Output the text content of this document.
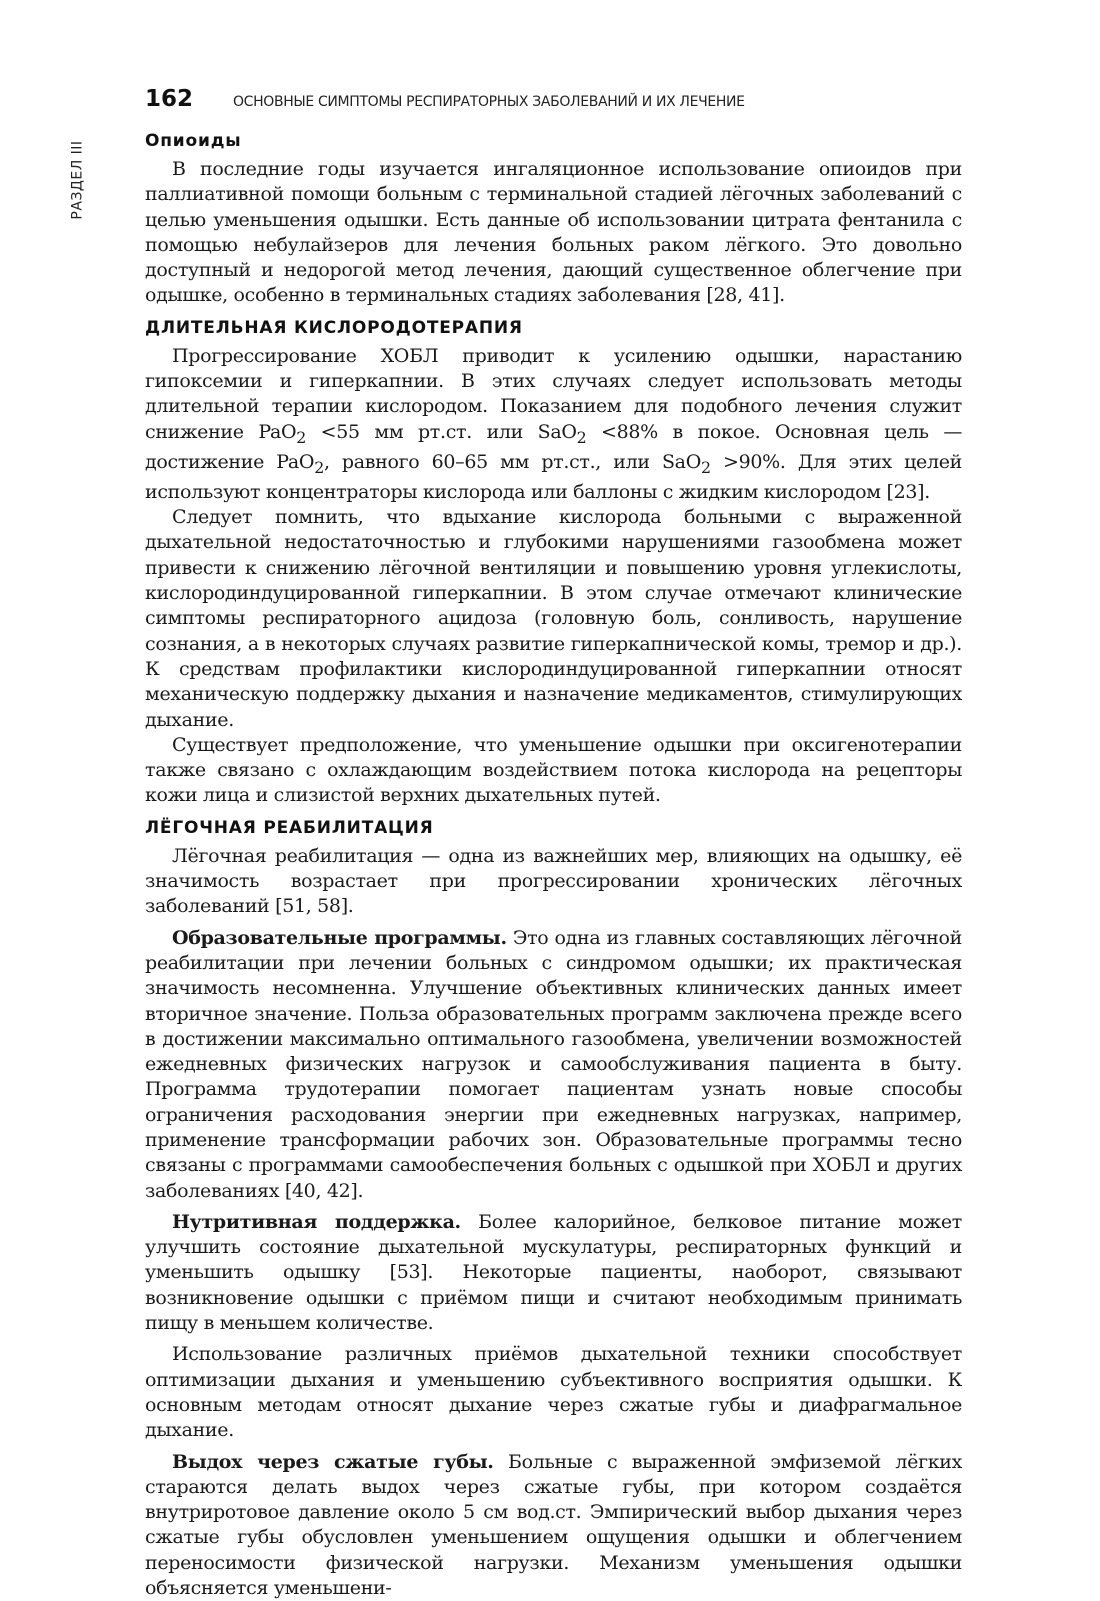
РАЗДЕЛ III
162	ОСНОВНЫЕ СИМПТОМЫ РЕСПИРАТОРНЫХ ЗАБОЛЕВАНИЙ И ИХ ЛЕЧЕНИЕ
Опиоиды

В последние годы изучается ингаляционное использование опиоидов при паллиативной помощи больным с терминальной стадией лёгочных заболеваний с целью уменьшения одышки. Есть данные об использовании цитрата фентанила с помощью небулайзеров для лечения больных раком лёгкого. Это довольно доступный и недорогой метод лечения, дающий существенное облегчение при одышке, особенно в терминальных стадиях заболевания [28, 41].

ДЛИТЕЛЬНАЯ КИСЛОРОДОТЕРАПИЯ

Прогрессирование ХОБЛ приводит к усилению одышки, нарастанию гипоксемии и гиперкапнии. В этих случаях следует использовать методы длительной терапии кислородом. Показанием для подобного лечения служит снижение PaO$_2$ <55 мм рт.ст. или SaO$_2$ <88% в покое. Основная цель — достижение PaO$_2$, равного 60–65 мм рт.ст., или SaO$_2$ >90%. Для этих целей используют концентраторы кислорода или баллоны с жидким кислородом [23].

Следует помнить, что вдыхание кислорода больными с выраженной дыхательной недостаточностью и глубокими нарушениями газообмена может привести к снижению лёгочной вентиляции и повышению уровня углекислоты, кислородиндуцированной гиперкапнии. В этом случае отмечают клинические симптомы респираторного ацидоза (головную боль, сонливость, нарушение сознания, а в некоторых случаях развитие гиперкапнической комы, тремор и др.). К средствам профилактики кислородиндуцированной гиперкапнии относят механическую поддержку дыхания и назначение медикаментов, стимулирующих дыхание.

Существует предположение, что уменьшение одышки при оксигенотерапии также связано с охлаждающим воздействием потока кислорода на рецепторы кожи лица и слизистой верхних дыхательных путей.

ЛЁГОЧНАЯ РЕАБИЛИТАЦИЯ

Лёгочная реабилитация — одна из важнейших мер, влияющих на одышку, её значимость возрастает при прогрессировании хронических лёгочных заболеваний [51, 58].

Образовательные программы. Это одна из главных составляющих лёгочной реабилитации при лечении больных с синдромом одышки; их практическая значимость несомненна. Улучшение объективных клинических данных имеет вторичное значение. Польза образовательных программ заключена прежде всего в достижении максимально оптимального газообмена, увеличении возможностей ежедневных физических нагрузок и самообслуживания пациента в быту. Программа трудотерапии помогает пациентам узнать новые способы ограничения расходования энергии при ежедневных нагрузках, например, применение трансформации рабочих зон. Образовательные программы тесно связаны с программами самообеспечения больных с одышкой при ХОБЛ и других заболеваниях [40, 42].

Нутритивная поддержка. Более калорийное, белковое питание может улучшить состояние дыхательной мускулатуры, респираторных функций и уменьшить одышку [53]. Некоторые пациенты, наоборот, связывают возникновение одышки с приёмом пищи и считают необходимым принимать пищу в меньшем количестве.

Использование различных приёмов дыхательной техники способствует оптимизации дыхания и уменьшению субъективного восприятия одышки. К основным методам относят дыхание через сжатые губы и диафрагмальное дыхание.

Выдох через сжатые губы. Больные с выраженной эмфиземой лёгких стараются делать выдох через сжатые губы, при котором создаётся внутриротовое давление около 5 см вод.ст. Эмпирический выбор дыхания через сжатые губы обусловлен уменьшением ощущения одышки и облегчением переносимости физической нагрузки. Механизм уменьшения одышки объясняется уменьшени-
